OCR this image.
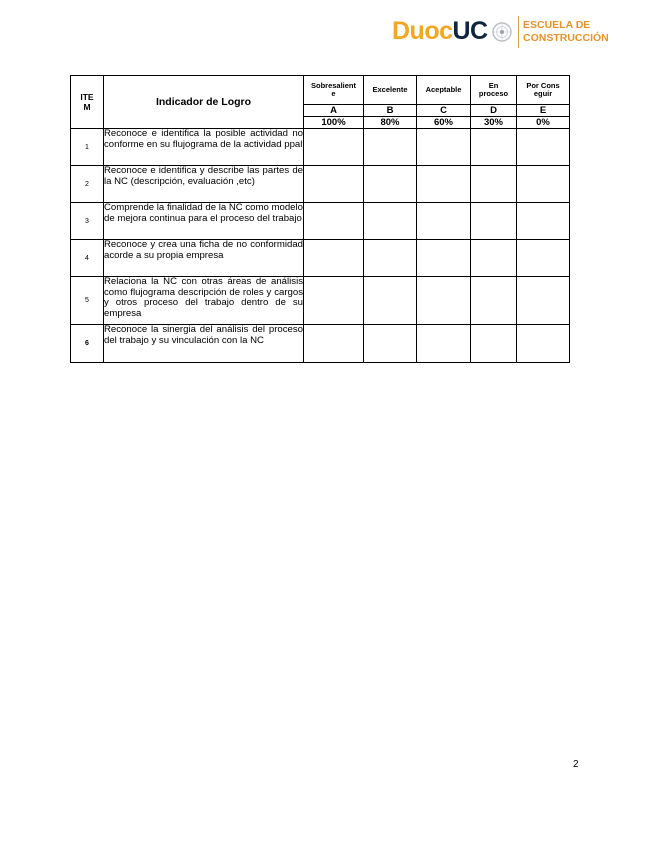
DuocUC	ESCUELA DE
CONSTRUCCIÓN
ITE M	Indicador de Logro	Sobresaliente	Excelente	Aceptable	En proceso	Por Conseguir

		A	B	C	D	E
		100%	80%	60%	30%	0%
1	Reconoce e identifica la posible actividad no conforme en su flujograma de la actividad ppal					
2	Reconoce e identifica y describe las partes de la NC (descripción, evaluación ,etc)					
3	Comprende la finalidad de la NC como modelo de mejora continua para el proceso del trabajo					
4	Reconoce y crea una ficha de no conformidad acorde a su propia empresa					
5	Relaciona la NC con otras áreas de análisis como flujograma descripción de roles y cargos y otros proceso del trabajo dentro de su empresa					
6	Reconoce la sinergia del análisis del proceso del trabajo y su vinculación con la NC					
2
